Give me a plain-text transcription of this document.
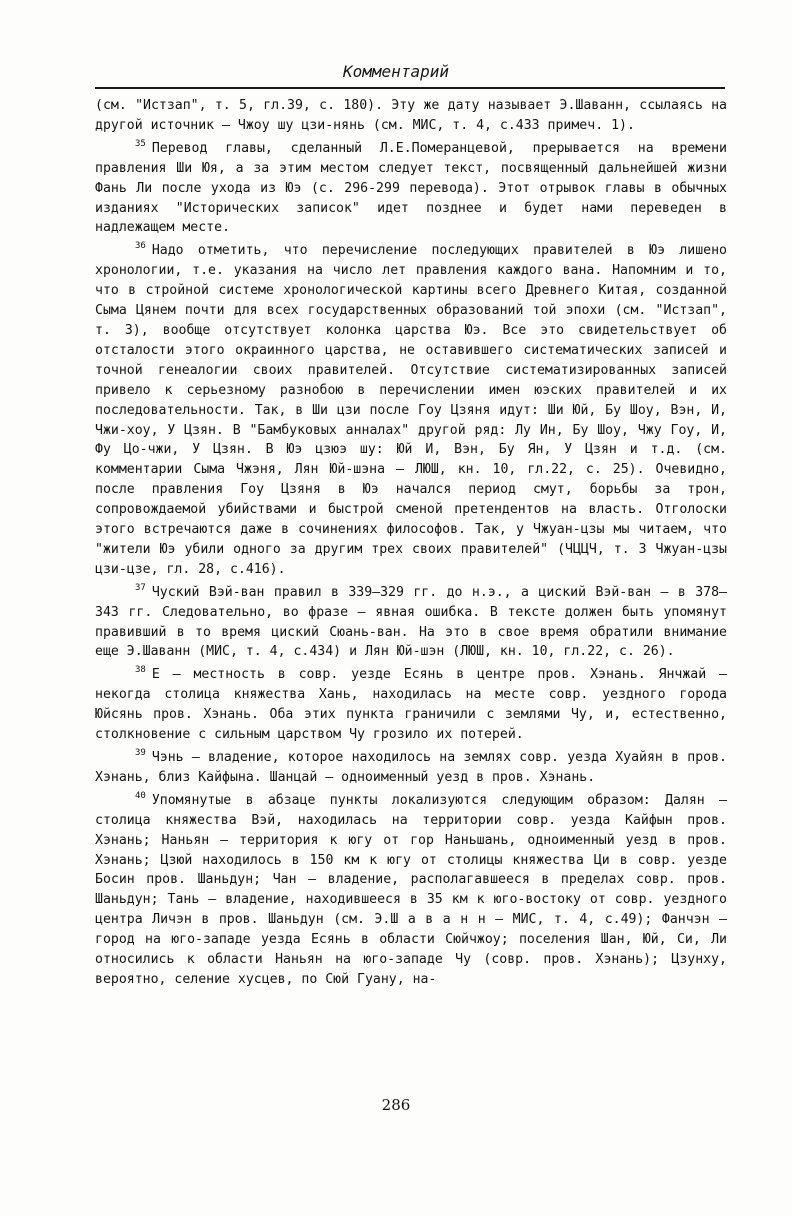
Комментарий

(см. "Истзап", т. 5, гл.39, с. 180). Эту же дату называет Э.Шаванн, ссылаясь на другой источник — Чжоу шу цзи-нянь (см. МИС, т. 4, с.433 примеч. 1).

$^{35}$ Перевод главы, сделанный Л.Е.Померанцевой, прерывается на времени правления Ши Юя, а за этим местом следует текст, посвященный дальнейшей жизни Фань Ли после ухода из Юэ (с. 296-299 перевода). Этот отрывок главы в обычных изданиях "Исторических записок" идет позднее и будет нами переведен в надлежащем месте.

$^{36}$ Надо отметить, что перечисление последующих правителей в Юэ лишено хронологии, т.е. указания на число лет правления каждого вана. Напомним и то, что в стройной системе хронологической картины всего Древнего Китая, созданной Сыма Цянем почти для всех государственных образований той эпохи (см. "Истзап", т. 3), вообще отсутствует колонка царства Юэ. Все это свидетельствует об отсталости этого окраинного царства, не оставившего систематических записей и точной генеалогии своих правителей. Отсутствие систематизированных записей привело к серьезному разнобою в перечислении имен юэских правителей и их последовательности. Так, в Ши цзи после Гоу Цзяня идут: Ши Юй, Бу Шоу, Вэн, И, Чжи-хоу, У Цзян. В "Бамбуковых анналах" другой ряд: Лу Ин, Бу Шоу, Чжу Гоу, И, Фу Цо-чжи, У Цзян. В Юэ цзюэ шу: Юй И, Вэн, Бу Ян, У Цзян и т.д. (см. комментарии Сыма Чжэня, Лян Юй-шэна — ЛЮШ, кн. 10, гл.22, с. 25). Очевидно, после правления Гоу Цзяня в Юэ начался период смут, борьбы за трон, сопровождаемой убийствами и быстрой сменой претендентов на власть. Отголоски этого встречаются даже в сочинениях философов. Так, у Чжуан-цзы мы читаем, что "жители Юэ убили одного за другим трех своих правителей" (ЧЦЦЧ, т. 3 Чжуан-цзы цзи-цзе, гл. 28, с.416).

$^{37}$ Чуский Вэй-ван правил в 339–329 гг. до н.э., а циский Вэй-ван — в 378–343 гг. Следовательно, во фразе — явная ошибка. В тексте должен быть упомянут правивший в то время циский Сюань-ван. На это в свое время обратили внимание еще Э.Шаванн (МИС, т. 4, с.434) и Лян Юй-шэн (ЛЮШ, кн. 10, гл.22, с. 26).

$^{38}$ Е — местность в совр. уезде Есянь в центре пров. Хэнань. Янчжай — некогда столица княжества Хань, находилась на месте совр. уездного города Юйсянь пров. Хэнань. Оба этих пункта граничили с землями Чу, и, естественно, столкновение с сильным царством Чу грозило их потерей.

$^{39}$ Чэнь — владение, которое находилось на землях совр. уезда Хуайян в пров. Хэнань, близ Кайфына. Шанцай — одноименный уезд в пров. Хэнань.

$^{40}$ Упомянутые в абзаце пункты локализуются следующим образом: Далян — столица княжества Вэй, находилась на территории совр. уезда Кайфын пров. Хэнань; Наньян — территория к югу от гор Наньшань, одноименный уезд в пров. Хэнань; Цзюй находилось в 150 км к югу от столицы княжества Ци в совр. уезде Босин пров. Шаньдун; Чан — владение, располагавшееся в пределах совр. пров. Шаньдун; Тань — владение, находившееся в 35 км к юго-востоку от совр. уездного центра Личэн в пров. Шаньдун (см. Э.Ш а в а н н — МИС, т. 4, с.49); Фанчэн — город на юго-западе уезда Есянь в области Сюйчжоу; поселения Шан, Юй, Си, Ли относились к области Наньян на юго-западе Чу (совр. пров. Хэнань); Цзунху, вероятно, селение хусцев, по Сюй Гуану, на-

286
